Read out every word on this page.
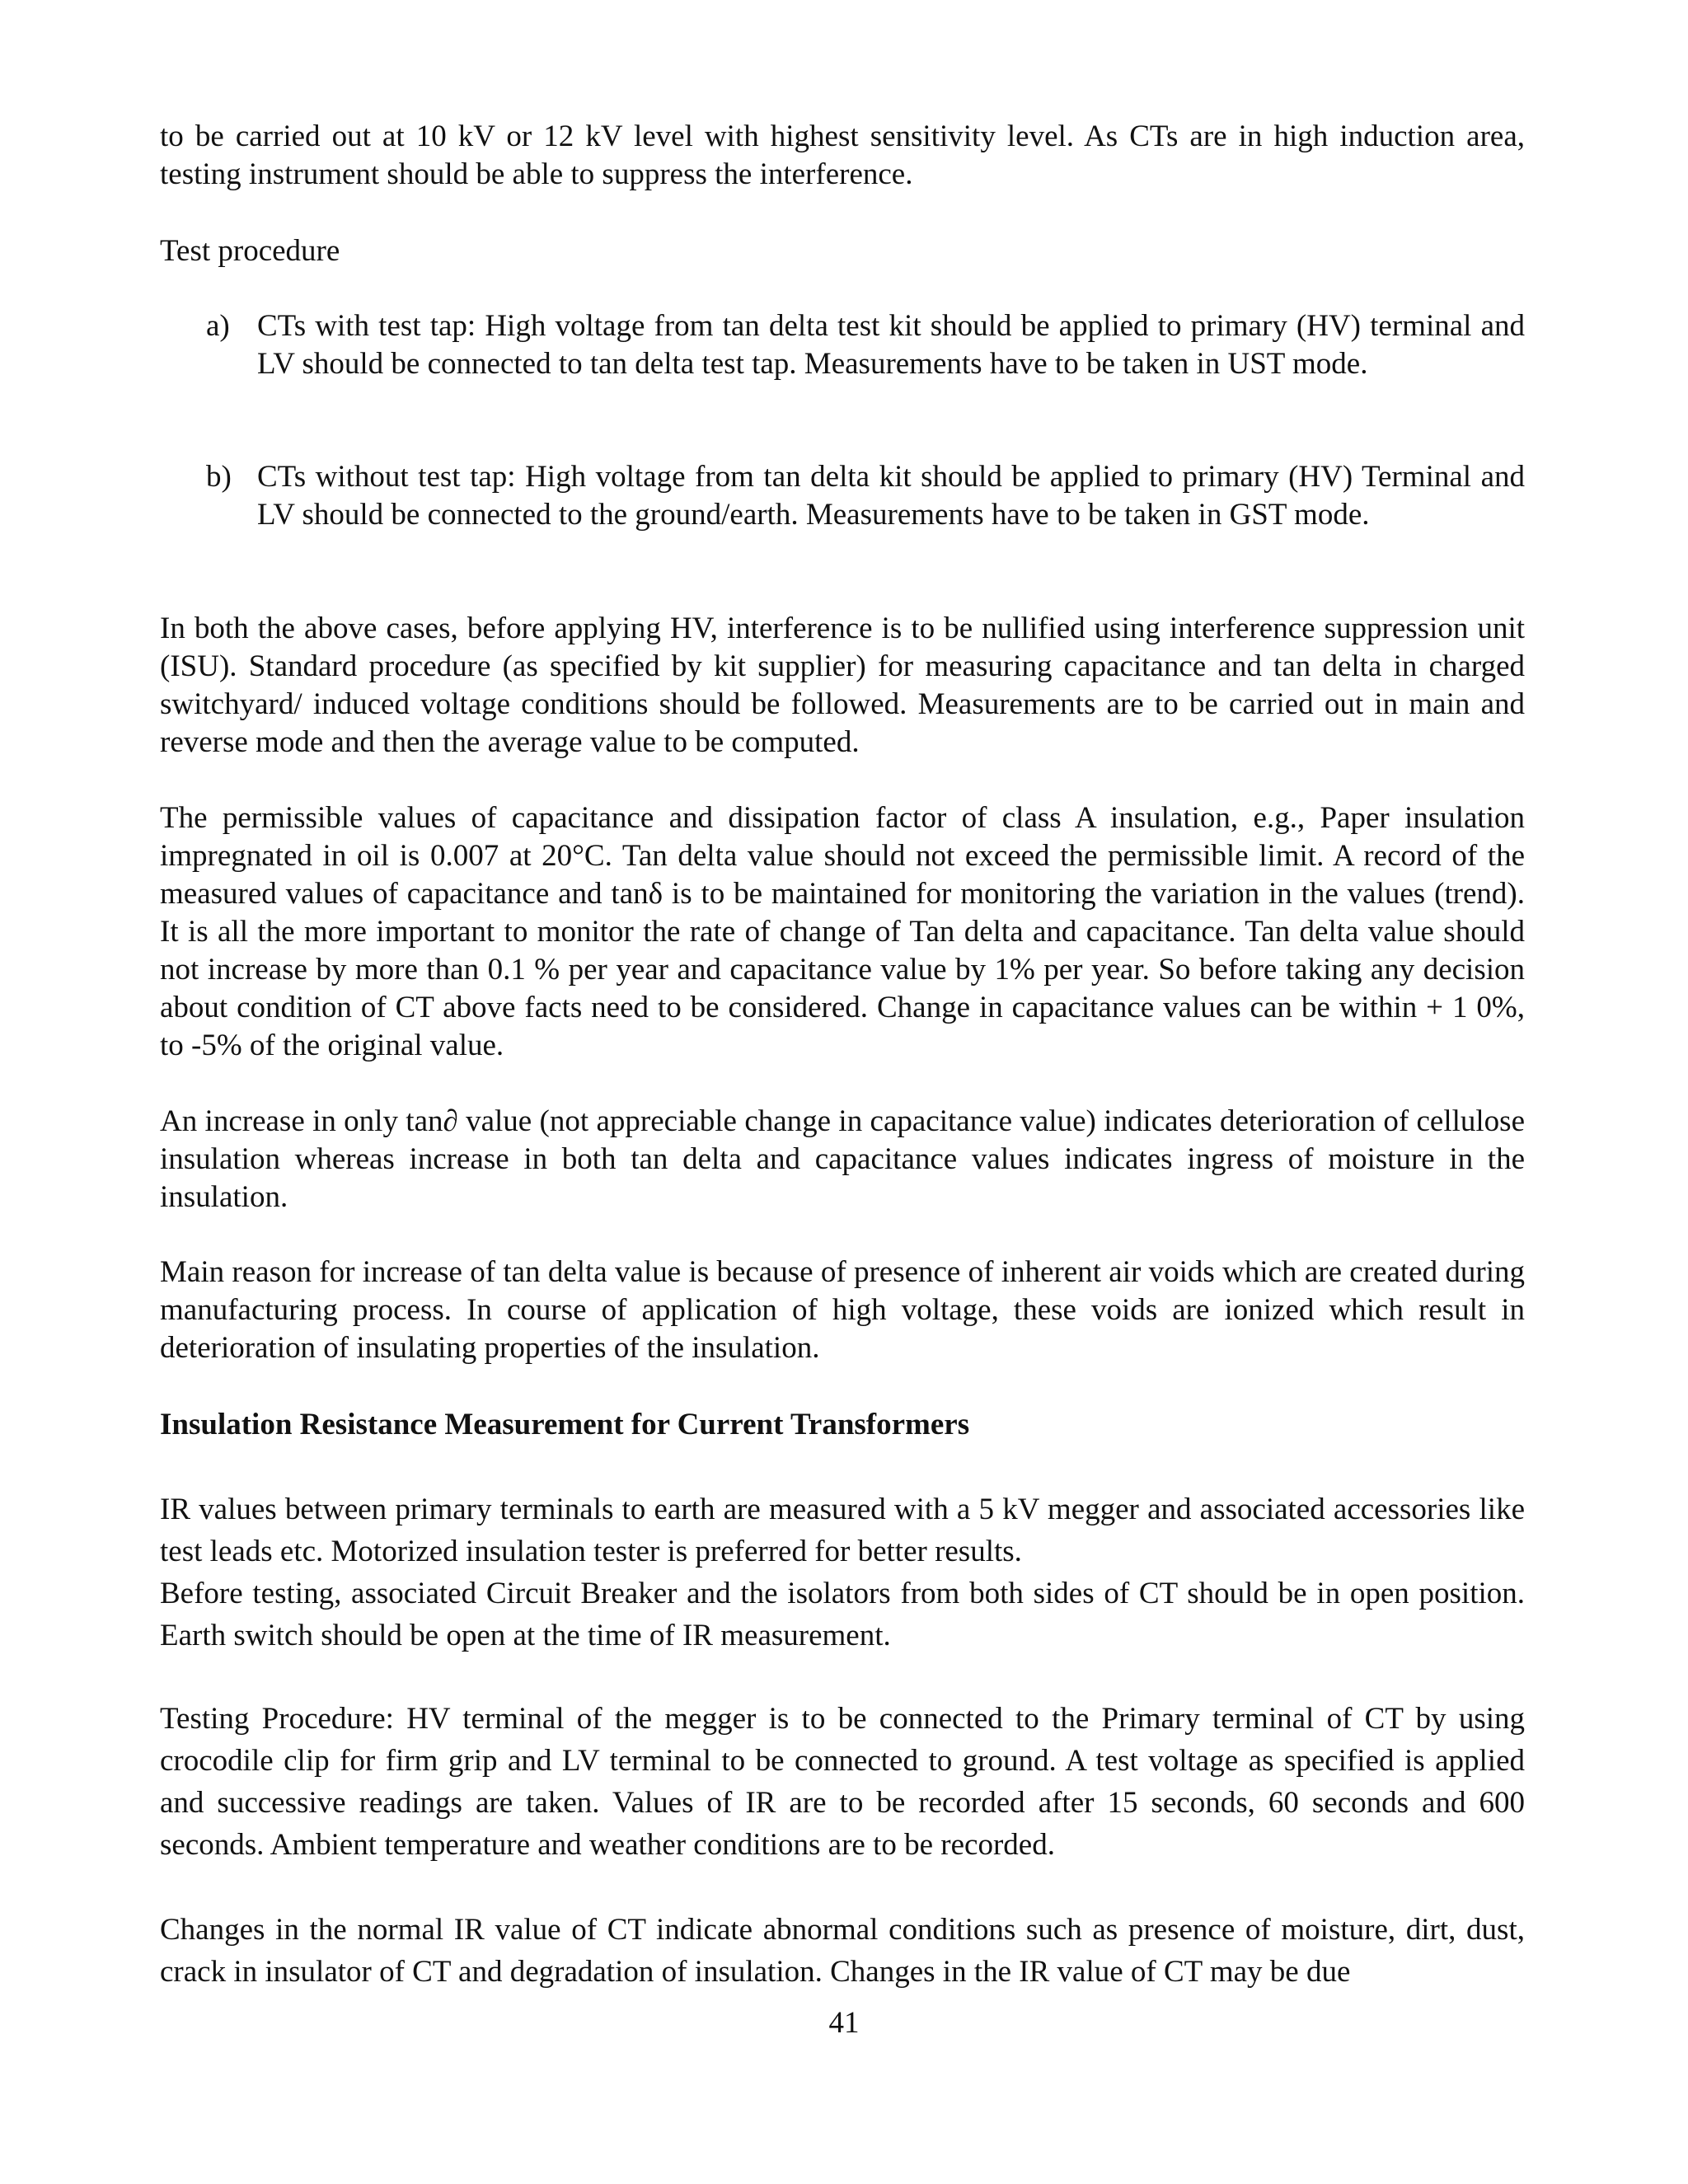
to be carried out at 10 kV or 12 kV level with highest sensitivity level. As CTs are in high induction area, testing instrument should be able to suppress the interference.

Test procedure

a) CTs with test tap: High voltage from tan delta test kit should be applied to primary (HV) terminal and LV should be connected to tan delta test tap. Measurements have to be taken in UST mode.
b) CTs without test tap: High voltage from tan delta kit should be applied to primary (HV) Terminal and LV should be connected to the ground/earth. Measurements have to be taken in GST mode.

In both the above cases, before applying HV, interference is to be nullified using interference suppression unit (ISU). Standard procedure (as specified by kit supplier) for measuring capacitance and tan delta in charged switchyard/ induced voltage conditions should be followed. Measurements are to be carried out in main and reverse mode and then the average value to be computed.

The permissible values of capacitance and dissipation factor of class A insulation, e.g., Paper insulation impregnated in oil is 0.007 at 20°C. Tan delta value should not exceed the permissible limit. A record of the measured values of capacitance and tanδ is to be maintained for monitoring the variation in the values (trend). It is all the more important to monitor the rate of change of Tan delta and capacitance. Tan delta value should not increase by more than 0.1 % per year and capacitance value by 1% per year. So before taking any decision about condition of CT above facts need to be considered. Change in capacitance values can be within + 1 0%, to -5% of the original value.

An increase in only tan∂ value (not appreciable change in capacitance value) indicates deterioration of cellulose insulation whereas increase in both tan delta and capacitance values indicates ingress of moisture in the insulation.

Main reason for increase of tan delta value is because of presence of inherent air voids which are created during manufacturing process. In course of application of high voltage, these voids are ionized which result in deterioration of insulating properties of the insulation.

Insulation Resistance Measurement for Current Transformers

IR values between primary terminals to earth are measured with a 5 kV megger and associated accessories like test leads etc. Motorized insulation tester is preferred for better results.

Before testing, associated Circuit Breaker and the isolators from both sides of CT should be in open position. Earth switch should be open at the time of IR measurement.

Testing Procedure: HV terminal of the megger is to be connected to the Primary terminal of CT by using crocodile clip for firm grip and LV terminal to be connected to ground. A test voltage as specified is applied and successive readings are taken. Values of IR are to be recorded after 15 seconds, 60 seconds and 600 seconds. Ambient temperature and weather conditions are to be recorded.

Changes in the normal IR value of CT indicate abnormal conditions such as presence of moisture, dirt, dust, crack in insulator of CT and degradation of insulation. Changes in the IR value of CT may be due

41
